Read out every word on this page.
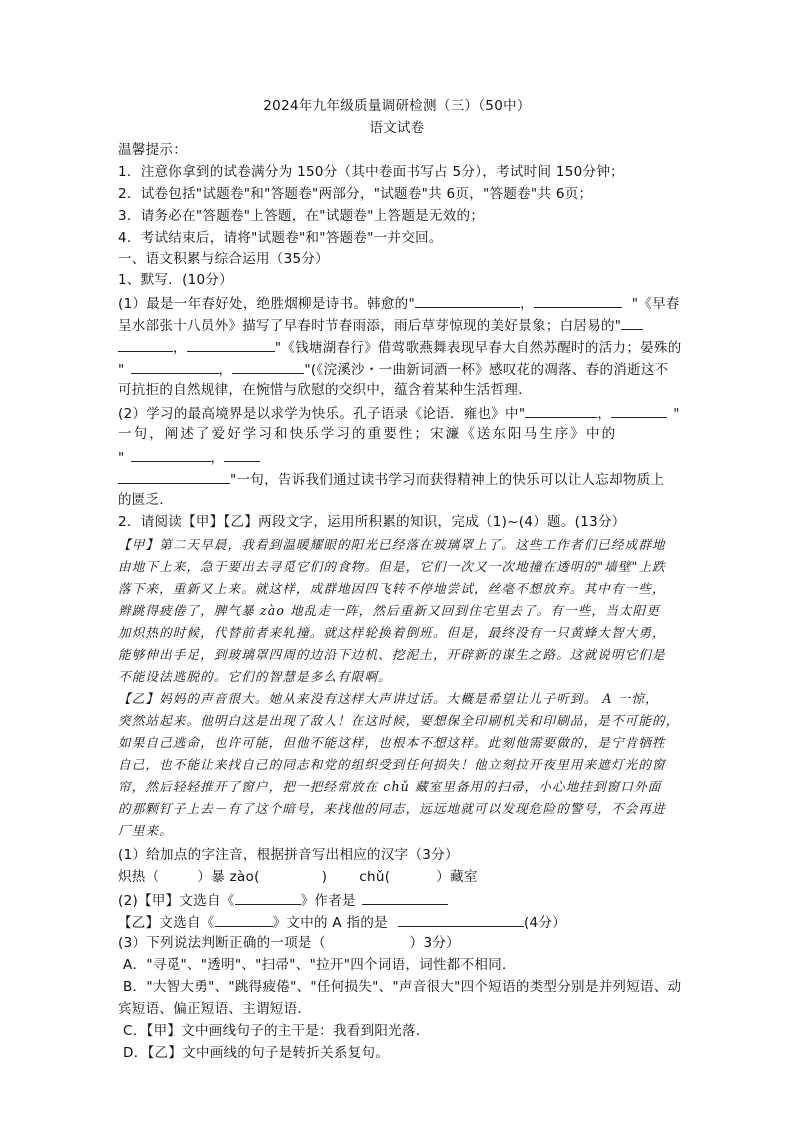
2024年九年级质量调研检测（三）（50中）
语文试卷
温馨提示：
1．注意你拿到的试卷满分为 150分（其中卷面书写占 5分），考试时间 150分钟；
2．试卷包括"试题卷"和"答题卷"两部分，"试题卷"共 6页，"答题卷"共 6页；
3．请务必在"答题卷"上答题，在"试题卷"上答题是无效的；
4．考试结束后，请将"试题卷"和"答题卷"一并交回。
一、语文积累与综合运用（35分）
1、默写．(10分）
(1）最是一年春好处，绝胜烟柳是诗书。韩愈的"	，	"《早春
呈水部张十八员外》描写了早春时节春雨添，雨后草芽惊现的美好景象；白居易的"
，	"《钱塘湖春行》借莺歌燕舞表现早春大自然苏醒时的活力；晏殊的
"	，	"(《浣溪沙・一曲新词酒一杯》感叹花的凋落、春的消逝这不
可抗拒的自然规律，在惋惜与欣慰的交织中，蕴含着某种生活哲理．
(2）学习的最高境界是以求学为快乐。孔子语录《论语．雍也》中"	，	"
一句，阐述了爱好学习和快乐学习的重要性；宋濂《送东阳马生序》中的
"	，
"一句，告诉我们通过读书学习而获得精神上的快乐可以让人忘却物质上
的匮乏．
2．请阅读【甲】【乙】两段文字，运用所积累的知识，完成（1)~(4）题。(13分）
【甲】第二天早晨，我看到温暖耀眼的阳光已经落在玻璃罩上了。这些工作者们已经成群地
由地下上来，急于要出去寻觅它们的食物。但是，它们一次又一次地撞在透明的"墙壁"上跌
落下来，重新又上来。就这样，成群地因四飞转不停地尝试，丝毫不想放弃。其中有一些，
辫跳得疲倦了，脾气暴 zào 地乱走一阵，然后重新又回到住宅里去了。有一些，当太阳更
加炽热的时候，代替前者来轧撞。就这样轮换着倒班。但是，最终没有一只黄蜂大智大勇，
能够伸出手足，到玻璃罩四周的边沿下边机、挖泥土，开辟新的谋生之路。这就说明它们是
不能设法逃脱的。它们的智慧是多么有限啊。
【乙】妈妈的声音很大。她从来没有这样大声讲过话。大概是希望让儿子听到。 A 一惊，
突然站起来。他明白这是出现了敌人！在这时候，要想保全印刷机关和印刷品，是不可能的，
如果自己逃命，也许可能，但他不能这样，也根本不想这样。此刻他需要做的，是宁肯牺牲
自己，也不能让来找自己的同志和党的组织受到任何损失！他立刻拉开夜里用来遮灯光的窗
帘，然后轻轻推开了窗户，把一把经常放在 chǔ 藏室里备用的扫帚，小心地挂到窗口外面
的那颗钉子上去－有了这个暗号，来找他的同志，远远地就可以发现危险的警号，不会再进
厂里来。
(1）给加点的字注音，根据拼音写出相应的汉字（3分）
炽热（	）暴 zào(	) chǔ(	）藏室
(2)【甲】文选自《	》作者是
【乙】文选自《	》文中的 A 指的是	(4分）
(3）下列说法判断正确的一项是（	）3分）
A．"寻觅"、"透明"、"扫帚"、"拉开"四个词语，词性都不相同．
B．"大智大勇"、"跳得疲倦"、"任何损失"、"声音很大"四个短语的类型分别是并列短语、动
宾短语、偏正短语、主谓短语．
C．【甲】文中画线句子的主干是：我看到阳光落．
D．【乙】文中画线的句子是转折关系复句。
